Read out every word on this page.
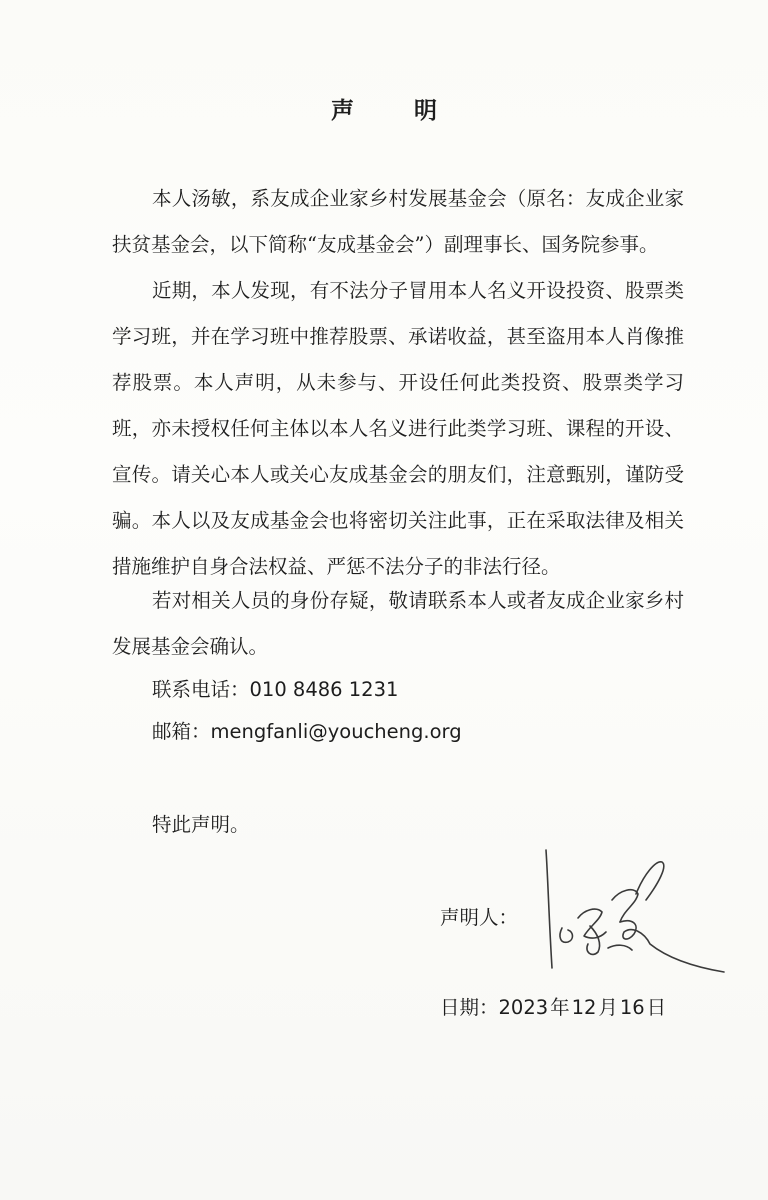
声 明

本人汤敏，系友成企业家乡村发展基金会（原名：友成企业家扶贫基金会，以下简称“友成基金会”）副理事长、国务院参事。

近期，本人发现，有不法分子冒用本人名义开设投资、股票类学习班，并在学习班中推荐股票、承诺收益，甚至盗用本人肖像推荐股票。本人声明，从未参与、开设任何此类投资、股票类学习班，亦未授权任何主体以本人名义进行此类学习班、课程的开设、宣传。请关心本人或关心友成基金会的朋友们，注意甄别，谨防受骗。本人以及友成基金会也将密切关注此事，正在采取法律及相关措施维护自身合法权益、严惩不法分子的非法行径。

若对相关人员的身份存疑，敬请联系本人或者友成企业家乡村发展基金会确认。

联系电话：010 8486 1231
邮箱：mengfanli@youcheng.org
特此声明。
声明人：
日期：2023  年  12  月  16  日
